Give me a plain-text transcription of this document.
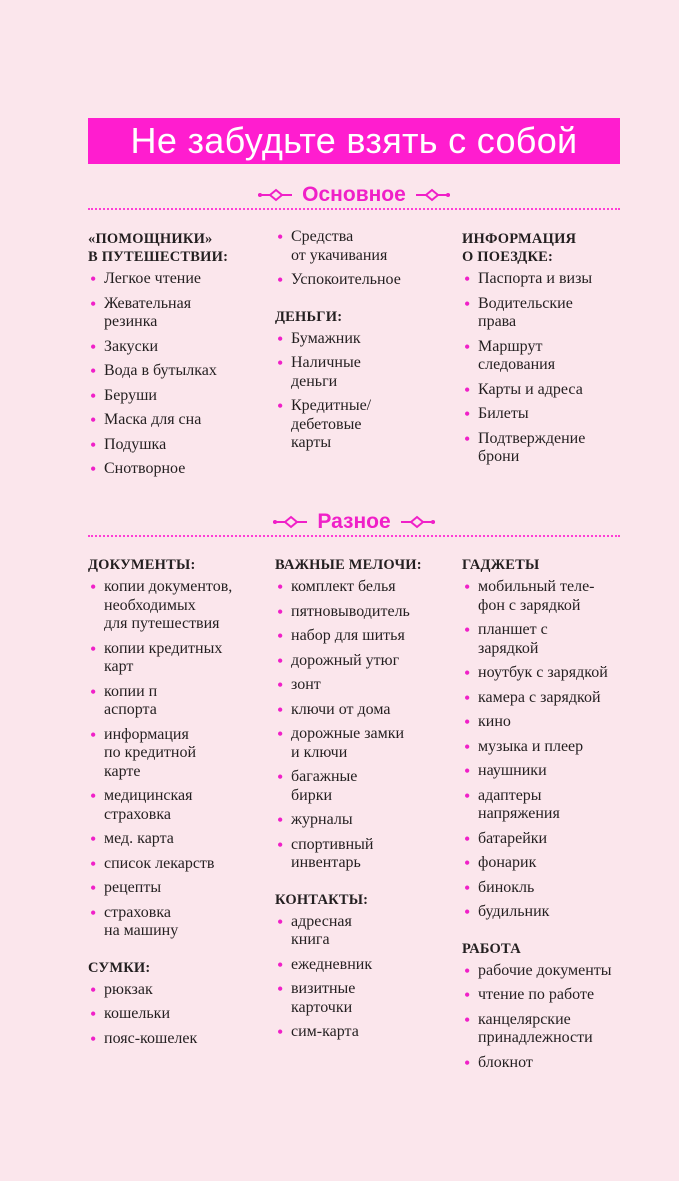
Не забудьте взять с собой
Основное
«ПОМОЩНИКИ»
В ПУТЕШЕСТВИИ:
• Легкое чтение
• Жевательная
резинка
• Закуски
• Вода в бутылках
• Беруши
• Маска для сна
• Подушка
• Снотворное
• Средства
от укачивания
• Успокоительное
ДЕНЬГИ:
• Бумажник
• Наличные
деньги
• Кредитные/
дебетовые
карты
ИНФОРМАЦИЯ
О ПОЕЗДКЕ:
• Паспорта и визы
• Водительские
права
• Маршрут
следования
• Карты и адреса
• Билеты
• Подтверждение
брони
Разное
ДОКУМЕНТЫ:
• копии документов,
необходимых
для путешествия
• копии кредитных
карт
• копии п
аспорта
• информация
по кредитной
карте
• медицинская
страховка
• мед. карта
• список лекарств
• рецепты
• страховка
на машину
СУМКИ:
• рюкзак
• кошельки
• пояс-кошелек
ВАЖНЫЕ МЕЛОЧИ:
• комплект белья
• пятновыводитель
• набор для шитья
• дорожный утюг
• зонт
• ключи от дома
• дорожные замки
и ключи
• багажные
бирки
• журналы
• спортивный
инвентарь
КОНТАКТЫ:
• адресная
книга
• ежедневник
• визитные
карточки
• сим-карта
ГАДЖЕТЫ
• мобильный теле-
фон с зарядкой
• планшет с
зарядкой
• ноутбук с зарядкой
• камера с зарядкой
• кино
• музыка и плеер
• наушники
• адаптеры
напряжения
• батарейки
• фонарик
• бинокль
• будильник
РАБОТА
• рабочие документы
• чтение по работе
• канцелярские
принадлежности
• блокнот
